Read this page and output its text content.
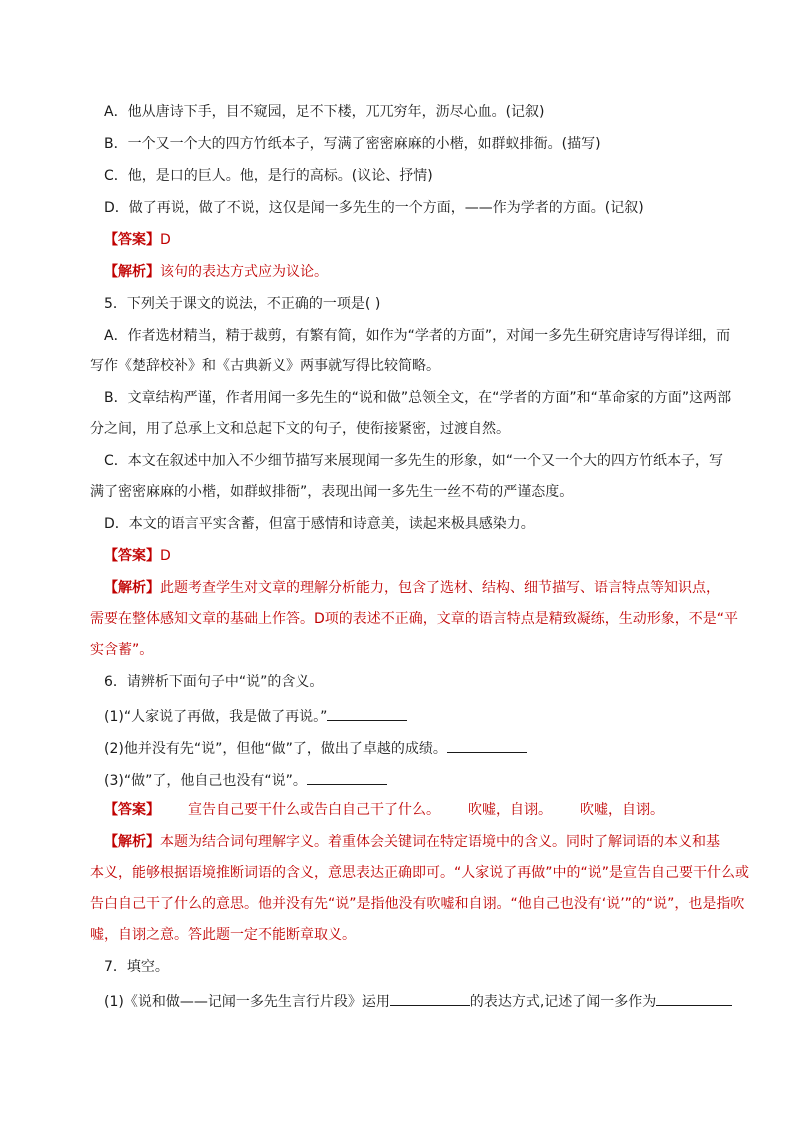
A．他从唐诗下手，目不窥园，足不下楼，兀兀穷年，沥尽心血。(记叙)
B．一个又一个大的四方竹纸本子，写满了密密麻麻的小楷，如群蚁排衙。(描写)
C．他，是口的巨人。他，是行的高标。(议论、抒情)
D．做了再说，做了不说，这仅是闻一多先生的一个方面，——作为学者的方面。(记叙)
【答案】D
【解析】该句的表达方式应为议论。
5．下列关于课文的说法，不正确的一项是( )
A．作者选材精当，精于裁剪，有繁有简，如作为“学者的方面”，对闻一多先生研究唐诗写得详细，而
写作《楚辞校补》和《古典新义》两事就写得比较简略。
B．文章结构严谨，作者用闻一多先生的“说和做”总领全文，在“学者的方面”和“革命家的方面”这两部
分之间，用了总承上文和总起下文的句子，使衔接紧密，过渡自然。
C．本文在叙述中加入不少细节描写来展现闻一多先生的形象，如“一个又一个大的四方竹纸本子，写
满了密密麻麻的小楷，如群蚁排衙”，表现出闻一多先生一丝不苟的严谨态度。
D．本文的语言平实含蓄，但富于感情和诗意美，读起来极具感染力。
【答案】D
【解析】此题考查学生对文章的理解分析能力，包含了选材、结构、细节描写、语言特点等知识点，
需要在整体感知文章的基础上作答。D项的表述不正确，文章的语言特点是精致凝练，生动形象，不是“平
实含蓄”。
6．请辨析下面句子中“说”的含义。
(1)“人家说了再做，我是做了再说。”
(2)他并没有先“说”，但他“做”了，做出了卓越的成绩。
(3)“做”了，他自己也没有“说”。
【答案】 宣告自己要干什么或告白自己干了什么。 吹嘘，自诩。 吹嘘，自诩。
【解析】本题为结合词句理解字义。着重体会关键词在特定语境中的含义。同时了解词语的本义和基
本义，能够根据语境推断词语的含义，意思表达正确即可。“人家说了再做”中的“说”是宣告自己要干什么或
告白自己干了什么的意思。他并没有先“说”是指他没有吹嘘和自诩。“他自己也没有‘说’”的“说”，也是指吹
嘘，自诩之意。答此题一定不能断章取义。
7．填空。
(1)《说和做——记闻一多先生言行片段》运用	的表达方式,记述了闻一多作为
